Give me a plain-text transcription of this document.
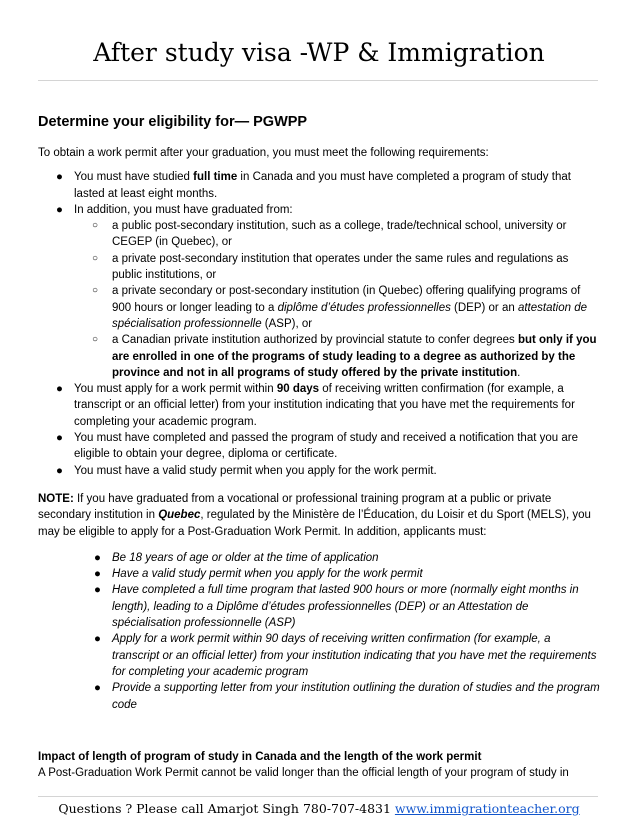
After study visa -WP & Immigration
Determine your eligibility for— PGWPP

To obtain a work permit after your graduation, you must meet the following requirements:

● You must have studied full time in Canada and you must have completed a program of study that lasted at least eight months.
● In addition, you must have graduated from:
○ a public post-secondary institution, such as a college, trade/technical school, university or CEGEP (in Quebec), or
○ a private post-secondary institution that operates under the same rules and regulations as public institutions, or
○ a private secondary or post-secondary institution (in Quebec) offering qualifying programs of 900 hours or longer leading to a diplôme d’études professionnelles (DEP) or an attestation de spécialisation professionnelle (ASP), or
○ a Canadian private institution authorized by provincial statute to confer degrees but only if you are enrolled in one of the programs of study leading to a degree as authorized by the province and not in all programs of study offered by the private institution.
● You must apply for a work permit within 90 days of receiving written confirmation (for example, a transcript or an official letter) from your institution indicating that you have met the requirements for completing your academic program.
● You must have completed and passed the program of study and received a notification that you are eligible to obtain your degree, diploma or certificate.
● You must have a valid study permit when you apply for the work permit.

NOTE: If you have graduated from a vocational or professional training program at a public or private secondary institution in Quebec, regulated by the Ministère de l’Éducation, du Loisir et du Sport (MELS), you may be eligible to apply for a Post-Graduation Work Permit. In addition, applicants must:

● Be 18 years of age or older at the time of application
● Have a valid study permit when you apply for the work permit
● Have completed a full time program that lasted 900 hours or more (normally eight months in length), leading to a Diplôme d’études professionnelles (DEP) or an Attestation de spécialisation professionnelle (ASP)
● Apply for a work permit within 90 days of receiving written confirmation (for example, a transcript or an official letter) from your institution indicating that you have met the requirements for completing your academic program
● Provide a supporting letter from your institution outlining the duration of studies and the program code

Impact of length of program of study in Canada and the length of the work permit

A Post-Graduation Work Permit cannot be valid longer than the official length of your program of study in

Questions ? Please call Amarjot Singh 780-707-4831 www.immigrationteacher.org
